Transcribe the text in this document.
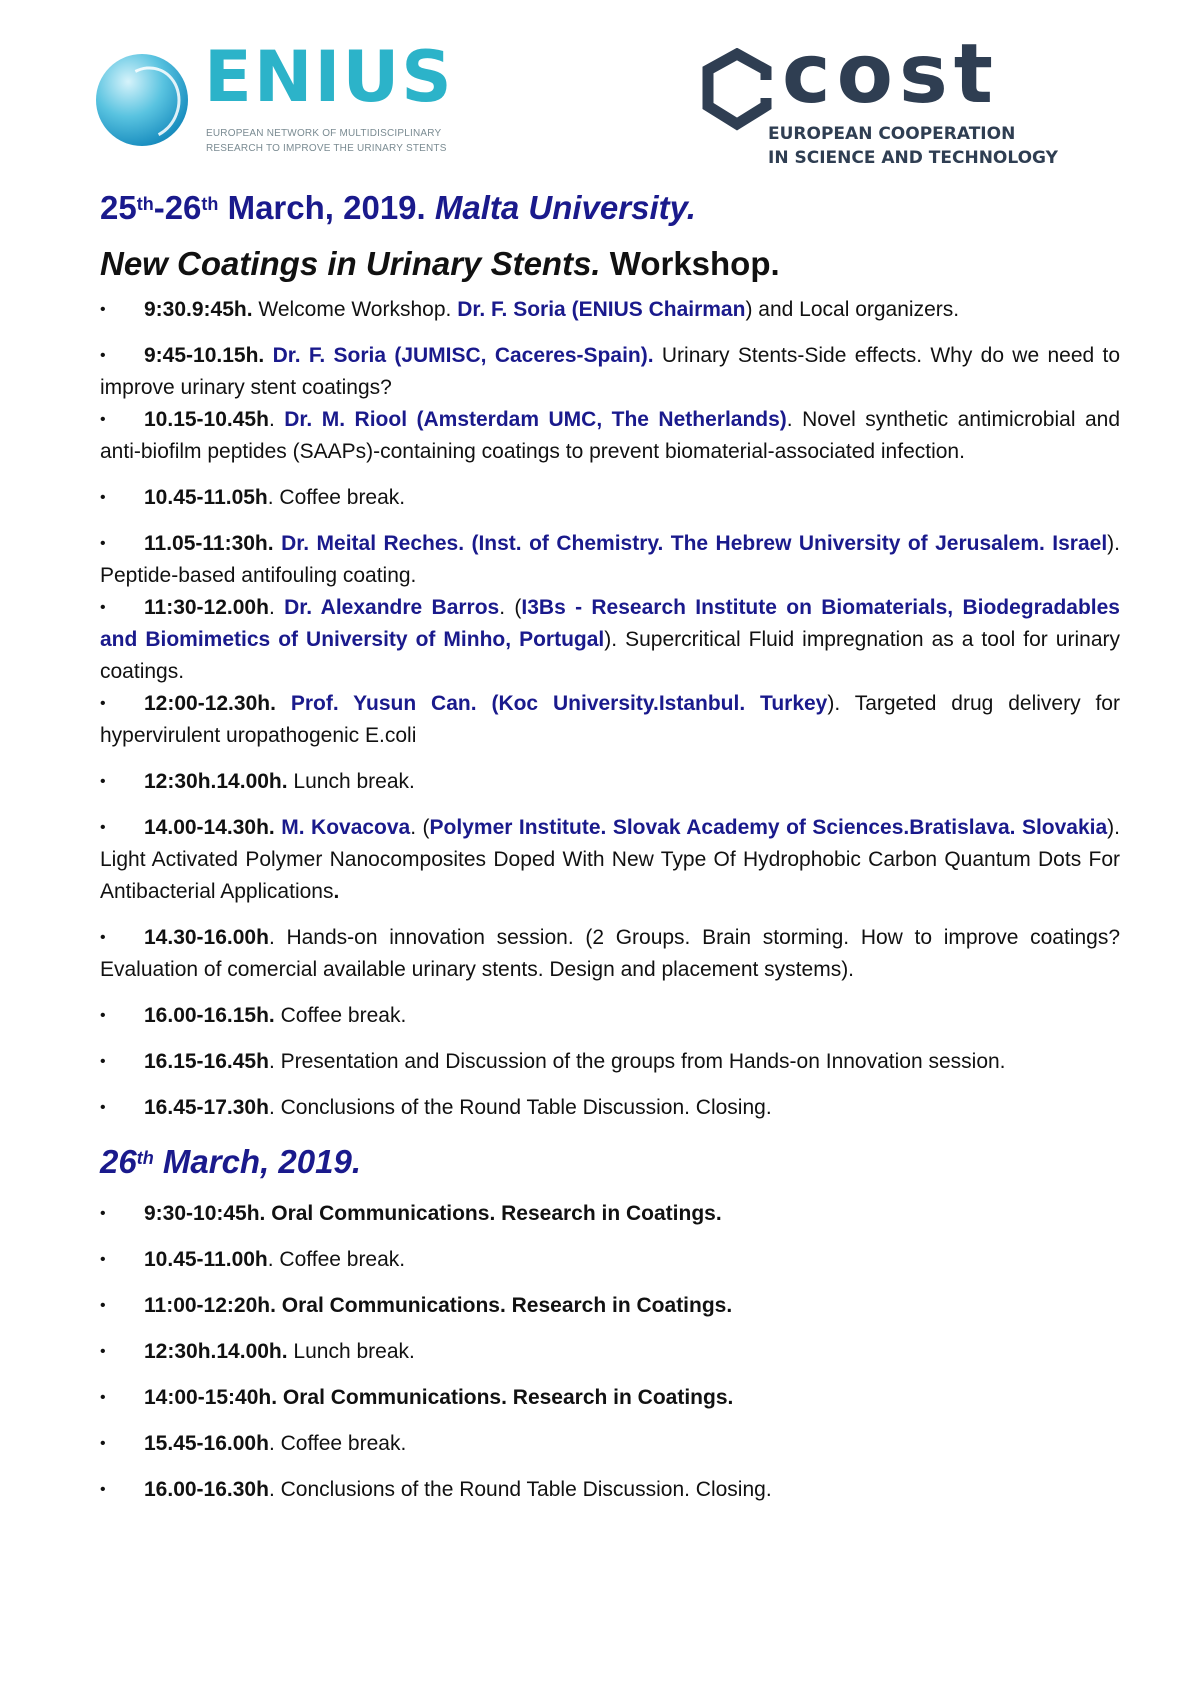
ENIUS
EUROPEAN NETWORK OF MULTIDISCIPLINARY
RESEARCH TO IMPROVE THE URINARY STENTS
cost
EUROPEAN COOPERATION
IN SCIENCE AND TECHNOLOGY
25th-26th March, 2019. Malta University.
New Coatings in Urinary Stents. Workshop.
• 9:30.9:45h. Welcome Workshop. Dr. F. Soria (ENIUS Chairman) and Local organizers.
• 9:45-10.15h. Dr. F. Soria (JUMISC, Caceres-Spain). Urinary Stents-Side effects. Why do we need to improve urinary stent coatings?
• 10.15-10.45h. Dr. M. Riool (Amsterdam UMC, The Netherlands). Novel synthetic antimicrobial and anti-biofilm peptides (SAAPs)-containing coatings to prevent biomaterial-associated infection.
• 10.45-11.05h. Coffee break.
• 11.05-11:30h. Dr. Meital Reches. (Inst. of Chemistry. The Hebrew University of Jerusalem. Israel). Peptide-based antifouling coating.
• 11:30-12.00h. Dr. Alexandre Barros. (I3Bs - Research Institute on Biomaterials, Biodegradables and Biomimetics of University of Minho, Portugal). Supercritical Fluid impregnation as a tool for urinary coatings.
• 12:00-12.30h. Prof. Yusun Can. (Koc University.Istanbul. Turkey). Targeted drug delivery for hypervirulent uropathogenic E.coli
• 12:30h.14.00h. Lunch break.
• 14.00-14.30h. M. Kovacova. (Polymer Institute. Slovak Academy of Sciences.Bratislava. Slovakia). Light Activated Polymer Nanocomposites Doped With New Type Of Hydrophobic Carbon Quantum Dots For Antibacterial Applications.
• 14.30-16.00h. Hands-on innovation session. (2 Groups. Brain storming. How to improve coatings? Evaluation of comercial available urinary stents. Design and placement systems).
• 16.00-16.15h. Coffee break.
• 16.15-16.45h. Presentation and Discussion of the groups from Hands-on Innovation session.
• 16.45-17.30h. Conclusions of the Round Table Discussion. Closing.
26th March, 2019.
• 9:30-10:45h. Oral Communications. Research in Coatings.
• 10.45-11.00h. Coffee break.
• 11:00-12:20h. Oral Communications. Research in Coatings.
• 12:30h.14.00h. Lunch break.
• 14:00-15:40h. Oral Communications. Research in Coatings.
• 15.45-16.00h. Coffee break.
• 16.00-16.30h. Conclusions of the Round Table Discussion. Closing.
